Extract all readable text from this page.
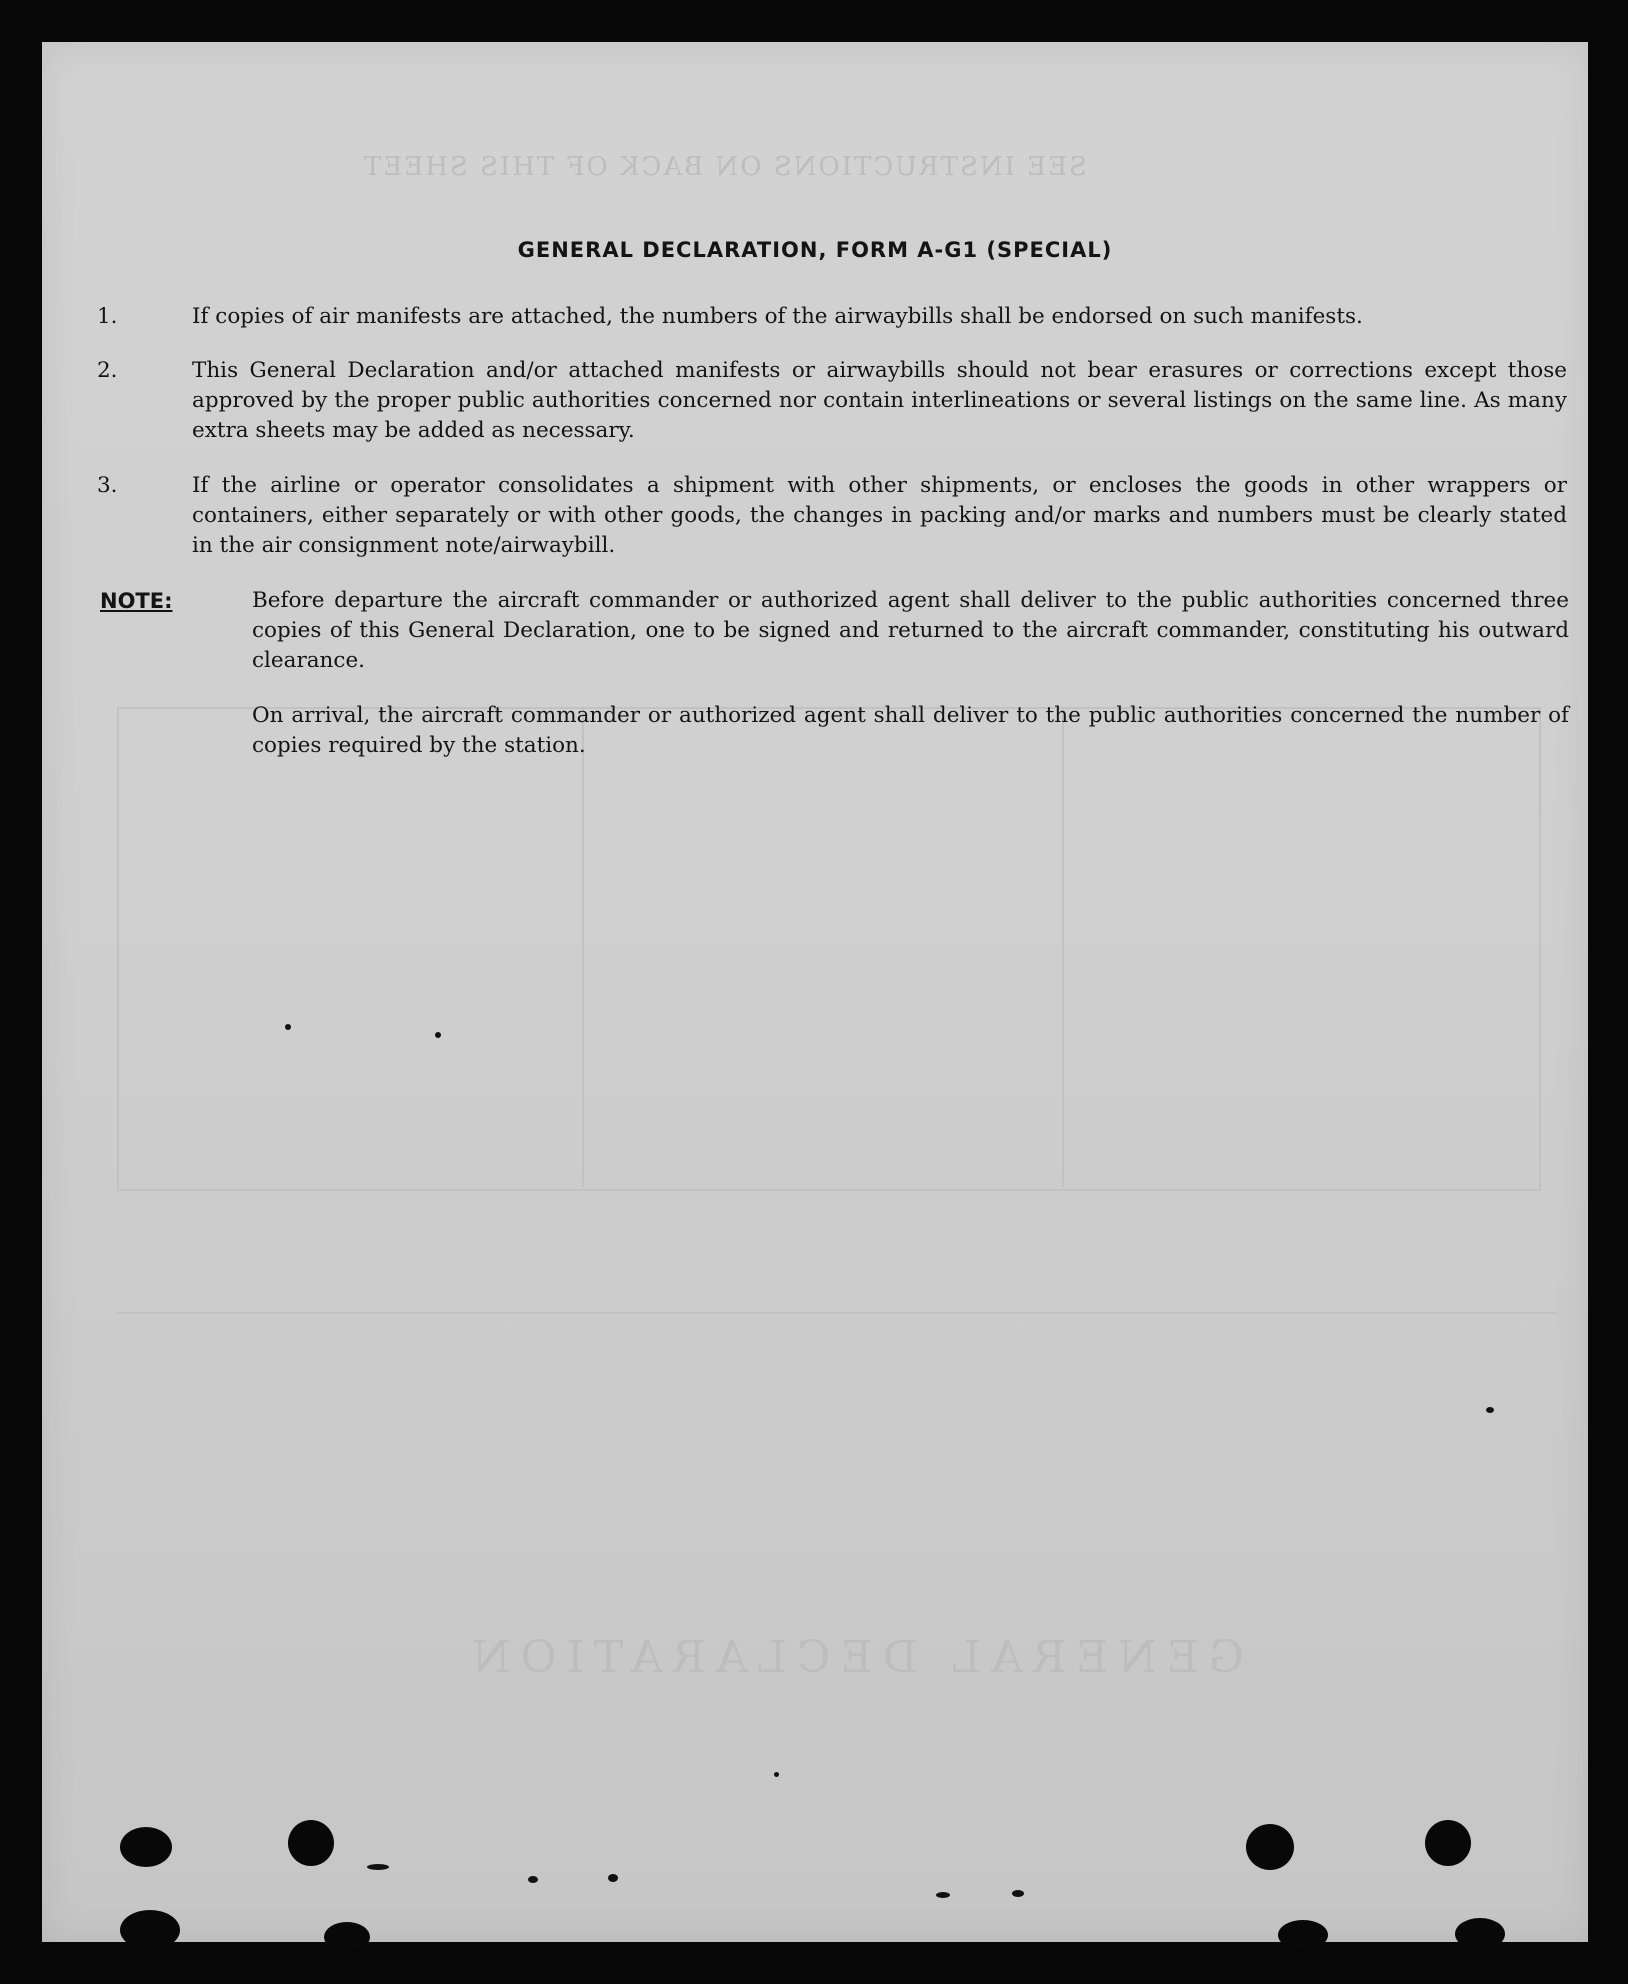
SEE INSTRUCTIONS ON BACK OF THIS SHEET
GENERAL DECLARATION
GENERAL DECLARATION, FORM A-G1 (SPECIAL)
1.	If copies of air manifests are attached, the numbers of the airwaybills shall be endorsed on such manifests.
2.	This General Declaration and/or attached manifests or airwaybills should not bear erasures or corrections except those approved by the proper public authorities concerned nor contain interlineations or several listings on the same line. As many extra sheets may be added as necessary.
3.	If the airline or operator consolidates a shipment with other shipments, or encloses the goods in other wrappers or containers, either separately or with other goods, the changes in packing and/or marks and numbers must be clearly stated in the air consignment note/airwaybill.
NOTE:	Before departure the aircraft commander or authorized agent shall deliver to the public authorities concerned three copies of this General Declaration, one to be signed and returned to the aircraft commander, constituting his outward clearance.
On arrival, the aircraft commander or authorized agent shall deliver to the public authorities concerned the number of copies required by the station.
